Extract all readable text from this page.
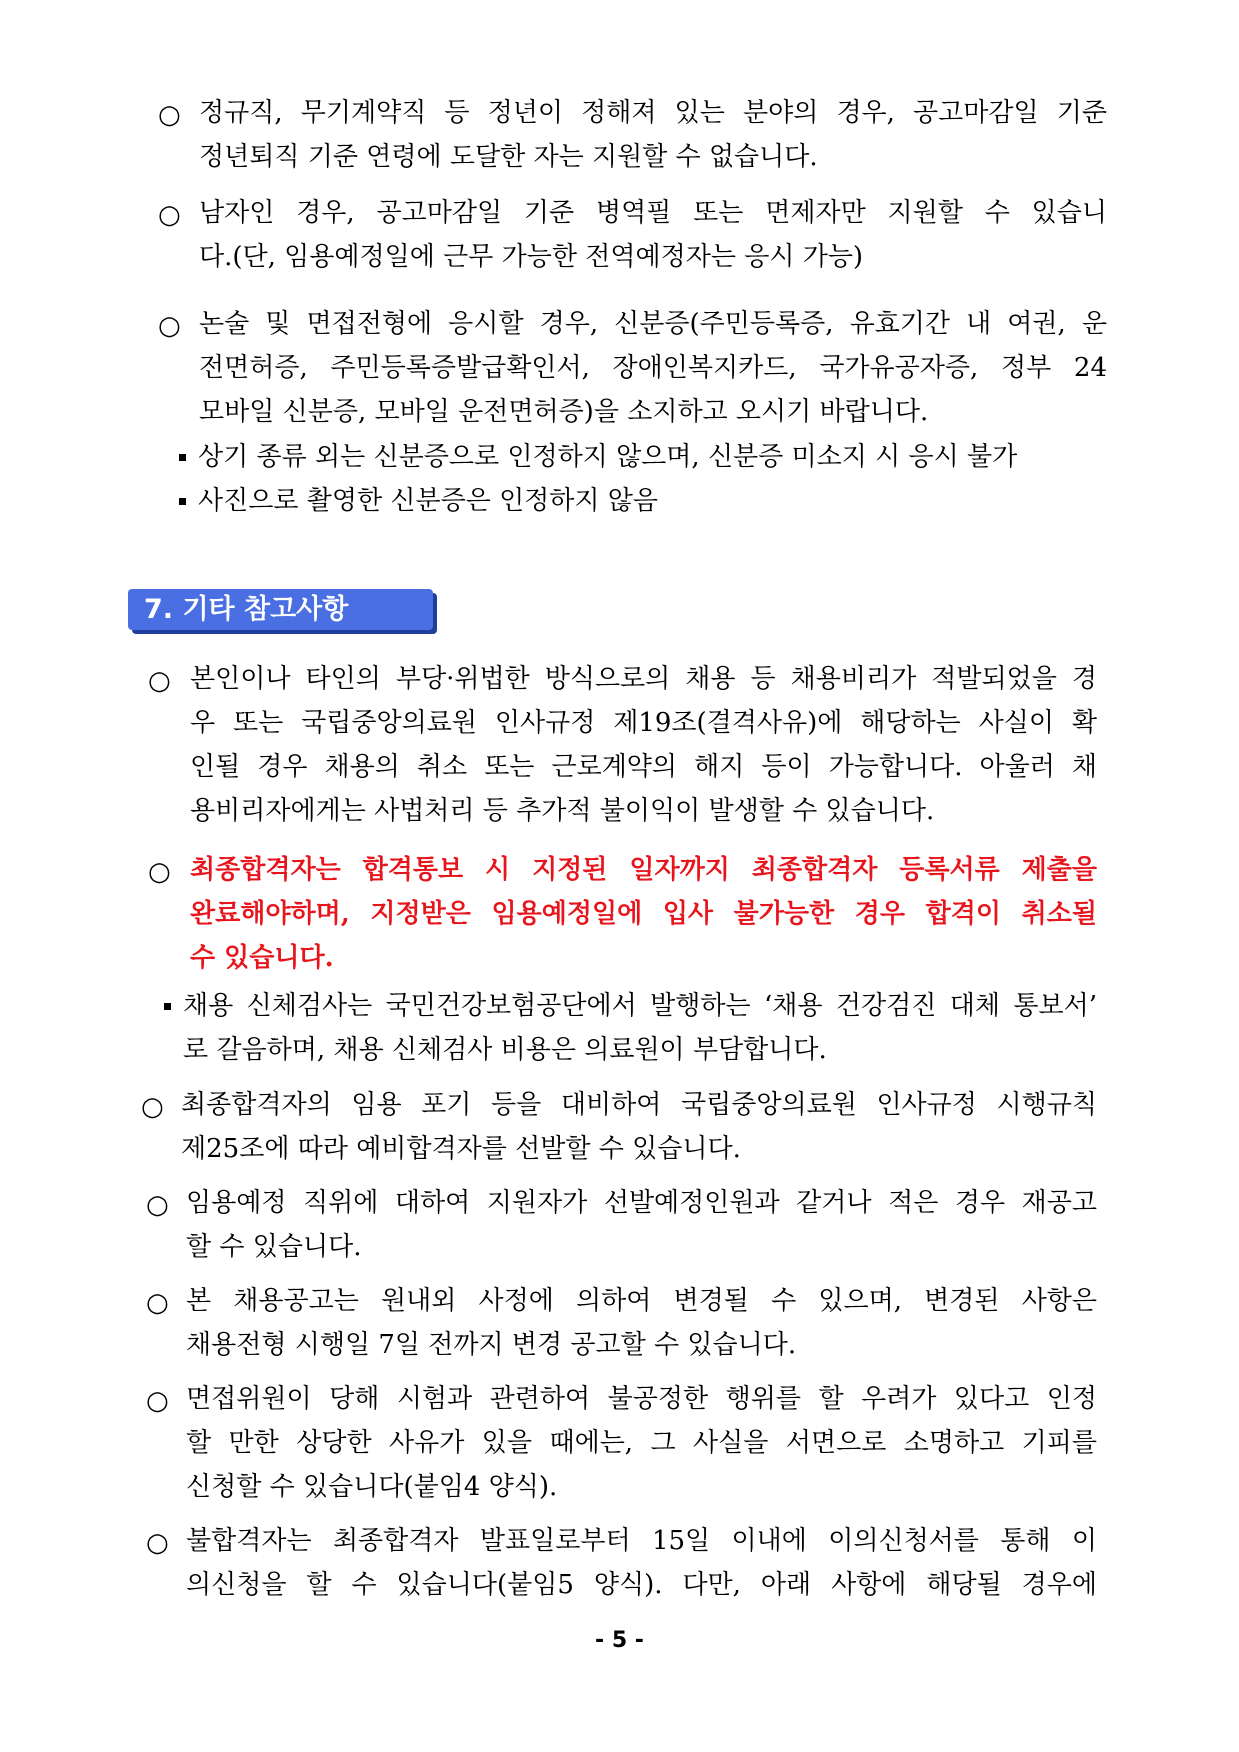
○ 정규직, 무기계약직 등 정년이 정해져 있는 분야의 경우, 공고마감일 기준
정년퇴직 기준 연령에 도달한 자는 지원할 수 없습니다.
○ 남자인 경우, 공고마감일 기준 병역필 또는 면제자만 지원할 수 있습니
다.(단, 임용예정일에 근무 가능한 전역예정자는 응시 가능)
○ 논술 및 면접전형에 응시할 경우, 신분증(주민등록증, 유효기간 내 여권, 운
전면허증, 주민등록증발급확인서, 장애인복지카드, 국가유공자증, 정부 24
모바일 신분증, 모바일 운전면허증)을 소지하고 오시기 바랍니다.
상기 종류 외는 신분증으로 인정하지 않으며, 신분증 미소지 시 응시 불가
사진으로 촬영한 신분증은 인정하지 않음
7. 기타 참고사항
○ 본인이나 타인의 부당·위법한 방식으로의 채용 등 채용비리가 적발되었을 경
우 또는 국립중앙의료원 인사규정 제19조(결격사유)에 해당하는 사실이 확
인될 경우 채용의 취소 또는 근로계약의 해지 등이 가능합니다. 아울러 채
용비리자에게는 사법처리 등 추가적 불이익이 발생할 수 있습니다.
○ 최종합격자는 합격통보 시 지정된 일자까지 최종합격자 등록서류 제출을
완료해야하며, 지정받은 임용예정일에 입사 불가능한 경우 합격이 취소될
수 있습니다.
채용 신체검사는 국민건강보험공단에서 발행하는 ‘채용 건강검진 대체 통보서’
로 갈음하며, 채용 신체검사 비용은 의료원이 부담합니다.
○ 최종합격자의 임용 포기 등을 대비하여 국립중앙의료원 인사규정 시행규칙
제25조에 따라 예비합격자를 선발할 수 있습니다.
○ 임용예정 직위에 대하여 지원자가 선발예정인원과 같거나 적은 경우 재공고
할 수 있습니다.
○ 본 채용공고는 원내외 사정에 의하여 변경될 수 있으며, 변경된 사항은
채용전형 시행일 7일 전까지 변경 공고할 수 있습니다.
○ 면접위원이 당해 시험과 관련하여 불공정한 행위를 할 우려가 있다고 인정
할 만한 상당한 사유가 있을 때에는, 그 사실을 서면으로 소명하고 기피를
신청할 수 있습니다(붙임4 양식).
○ 불합격자는 최종합격자 발표일로부터 15일 이내에 이의신청서를 통해 이
의신청을 할 수 있습니다(붙임5 양식). 다만, 아래 사항에 해당될 경우에
- 5 -
